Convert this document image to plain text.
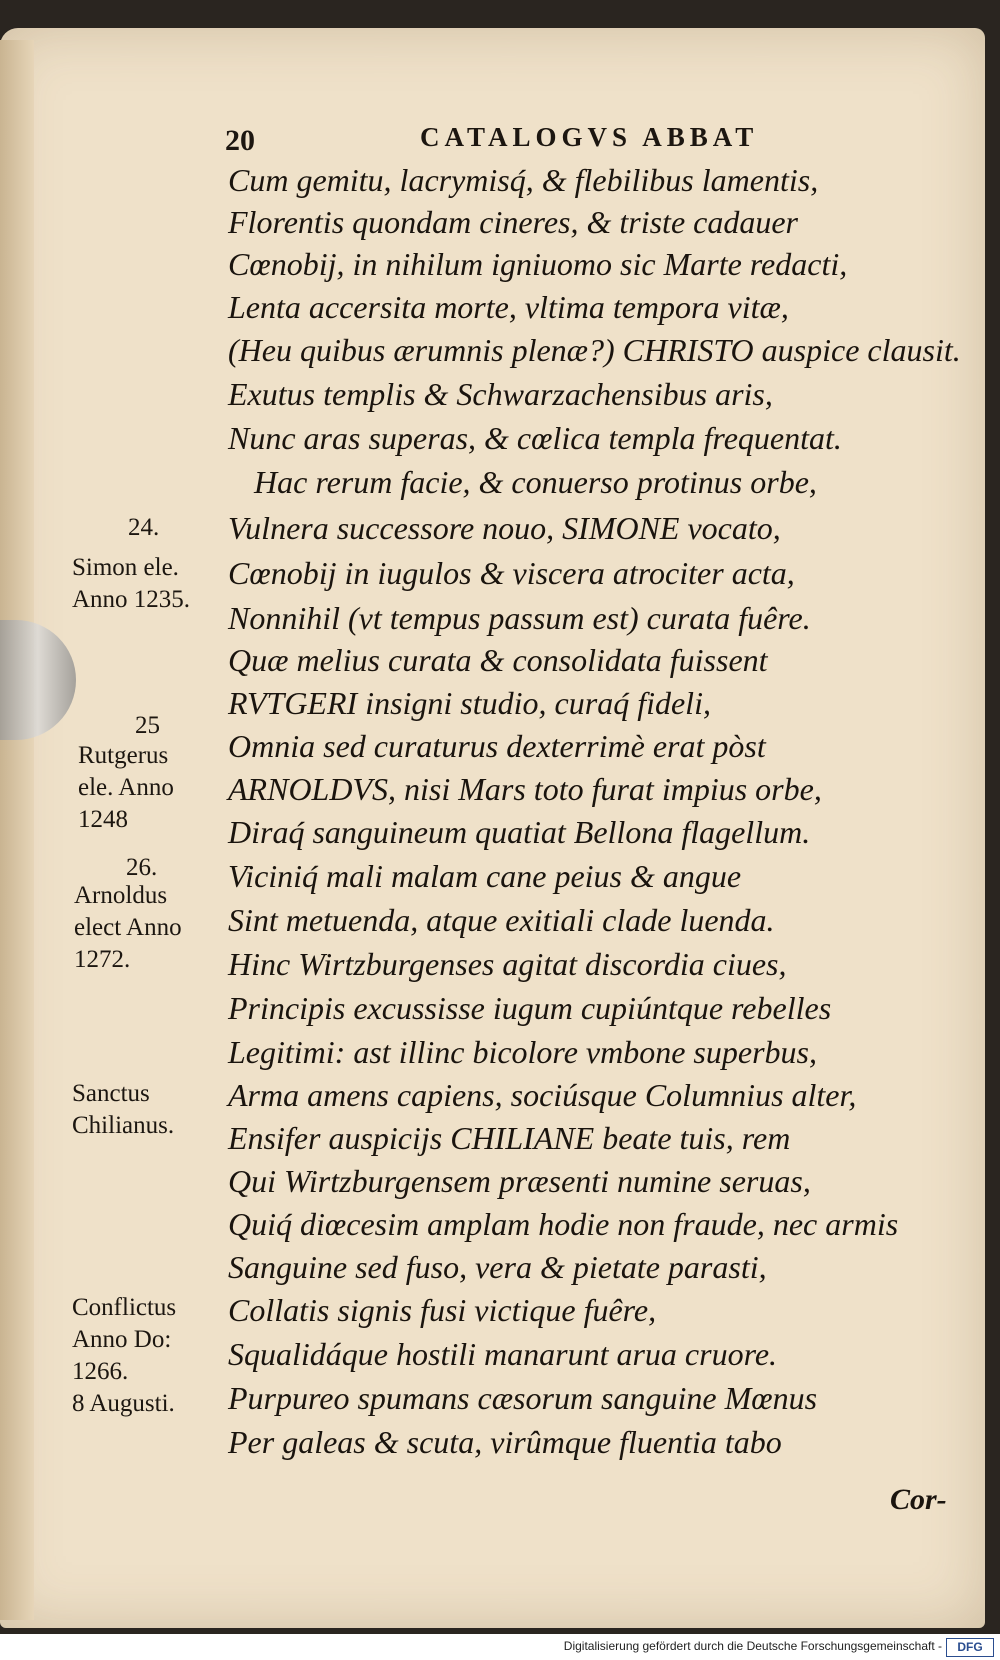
20	CATALOGVS ABBAT
Cum gemitu, lacrymisq́, & flebilibus lamentis,
Florentis quondam cineres, & triste cadauer
Cœnobij, in nihilum igniuomo sic Marte redacti,
Lenta accersita morte, vltima tempora vitæ,
(Heu quibus ærumnis plenæ?) CHRISTO auspice clausit.
Exutus templis & Schwarzachensibus aris,
Nunc aras superas, & cœlica templa frequentat.
Hac rerum facie, & conuerso protinus orbe,
Vulnera successore nouo, SIMONE vocato,
Cœnobij in iugulos & viscera atrociter acta,
Nonnihil (vt tempus passum est) curata fuêre.
Quæ melius curata & consolidata fuissent
RVTGERI insigni studio, curaq́ fideli,
Omnia sed curaturus dexterrimè erat pòst
ARNOLDVS, nisi Mars toto furat impius orbe,
Diraq́ sanguineum quatiat Bellona flagellum.
Viciniq́ mali malam cane peius & angue
Sint metuenda, atque exitiali clade luenda.
Hinc Wirtzburgenses agitat discordia ciues,
Principis excussisse iugum cupiúntque rebelles
Legitimi: ast illinc bicolore vmbone superbus,
Arma amens capiens, sociúsque Columnius alter,
Ensifer auspicijs CHILIANE beate tuis, rem
Qui Wirtzburgensem præsenti numine seruas,
Quiq́ diœcesim amplam hodie non fraude, nec armis
Sanguine sed fuso, vera & pietate parasti,
Collatis signis fusi victique fuêre,
Squalidáque hostili manarunt arua cruore.
Purpureo spumans cæsorum sanguine Mœnus
Per galeas & scuta, virûmque fluentia tabo
24.
Simon ele.
Anno 1235.
25
Rutgerus
ele. Anno
1248
26.
Arnoldus
elect Anno
1272.
Sanctus
Chilianus.
Conflictus
Anno Do:
1266.
8 Augusti.
Cor-
Digitalisierung gefördert durch die Deutsche Forschungsgemeinschaft -	DFG
